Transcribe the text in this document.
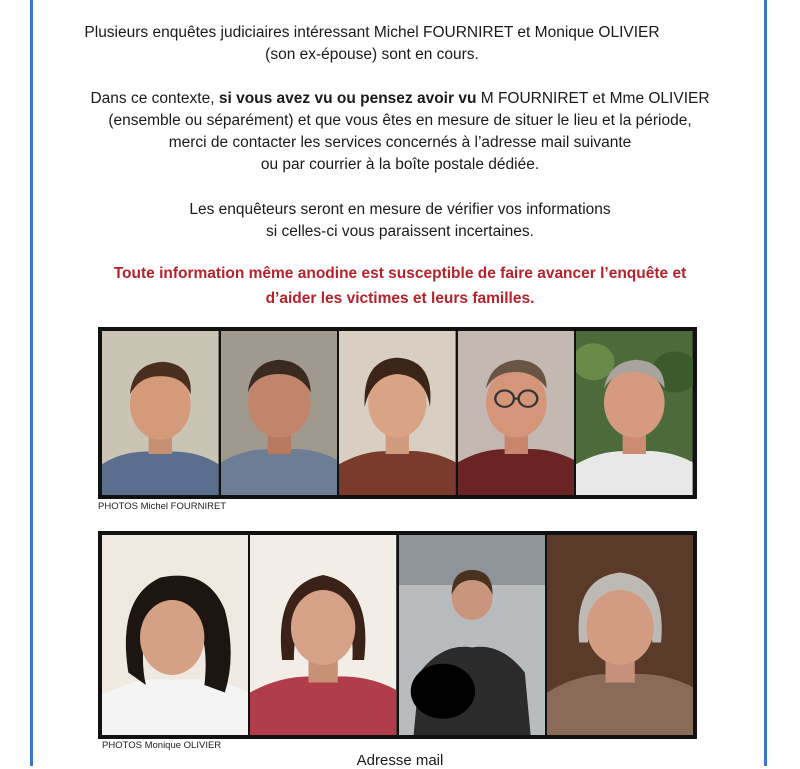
Plusieurs enquêtes judiciaires intéressant Michel FOURNIRET et Monique OLIVIER
(son ex-épouse) sont en cours.

Dans ce contexte, si vous avez vu ou pensez avoir vu M FOURNIRET et Mme OLIVIER
(ensemble ou séparément) et que vous êtes en mesure de situer le lieu et la période,
merci de contacter les services concernés à l’adresse mail suivante
ou par courrier à la boîte postale dédiée.

Les enquêteurs seront en mesure de vérifier vos informations
si celles-ci vous paraissent incertaines.

Toute information même anodine est susceptible de faire avancer l’enquête et
d’aider les victimes et leurs familles.

PHOTOS Michel FOURNIRET
PHOTOS Monique OLIVIER
Adresse mail
